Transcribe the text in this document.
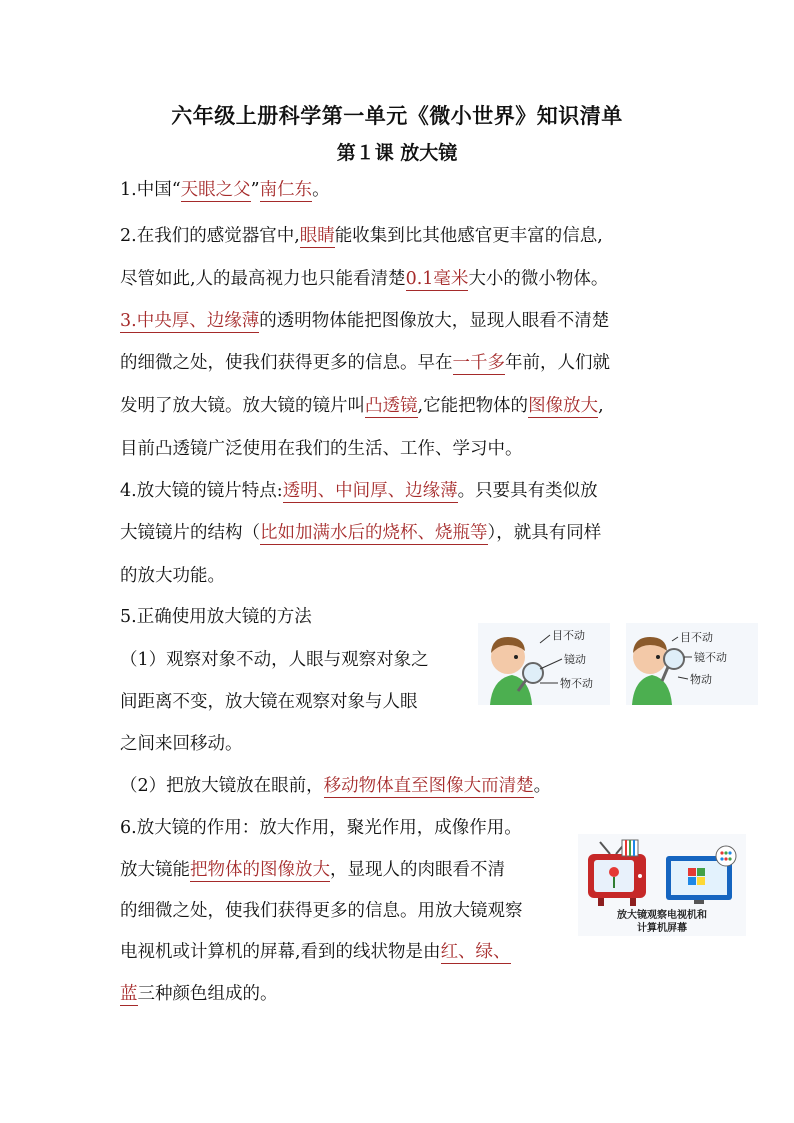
六年级上册科学第一单元《微小世界》知识清单
第１课 放大镜
1.中国“天眼之父”南仁东。
2.在我们的感觉器官中,眼睛能收集到比其他感官更丰富的信息,
尽管如此,人的最高视力也只能看清楚0.1毫米大小的微小物体。
3.中央厚、边缘薄的透明物体能把图像放大，显现人眼看不清楚
的细微之处，使我们获得更多的信息。早在一千多年前，人们就
发明了放大镜。放大镜的镜片叫凸透镜,它能把物体的图像放大,
目前凸透镜广泛使用在我们的生活、工作、学习中。
4.放大镜的镜片特点:透明、中间厚、边缘薄。只要具有类似放
大镜镜片的结构（比如加满水后的烧杯、烧瓶等），就具有同样
的放大功能。
5.正确使用放大镜的方法
（1）观察对象不动，人眼与观察对象之
间距离不变，放大镜在观察对象与人眼
之间来回移动。
（2）把放大镜放在眼前，移动物体直至图像大而清楚。
6.放大镜的作用：放大作用，聚光作用，成像作用。
放大镜能把物体的图像放大，显现人的肉眼看不清
的细微之处，使我们获得更多的信息。用放大镜观察
电视机或计算机的屏幕,看到的线状物是由红、绿、
蓝三种颜色组成的。
目不动
镜动
物不动
目不动
镜不动
物动
放大镜观察电视机和
计算机屏幕
